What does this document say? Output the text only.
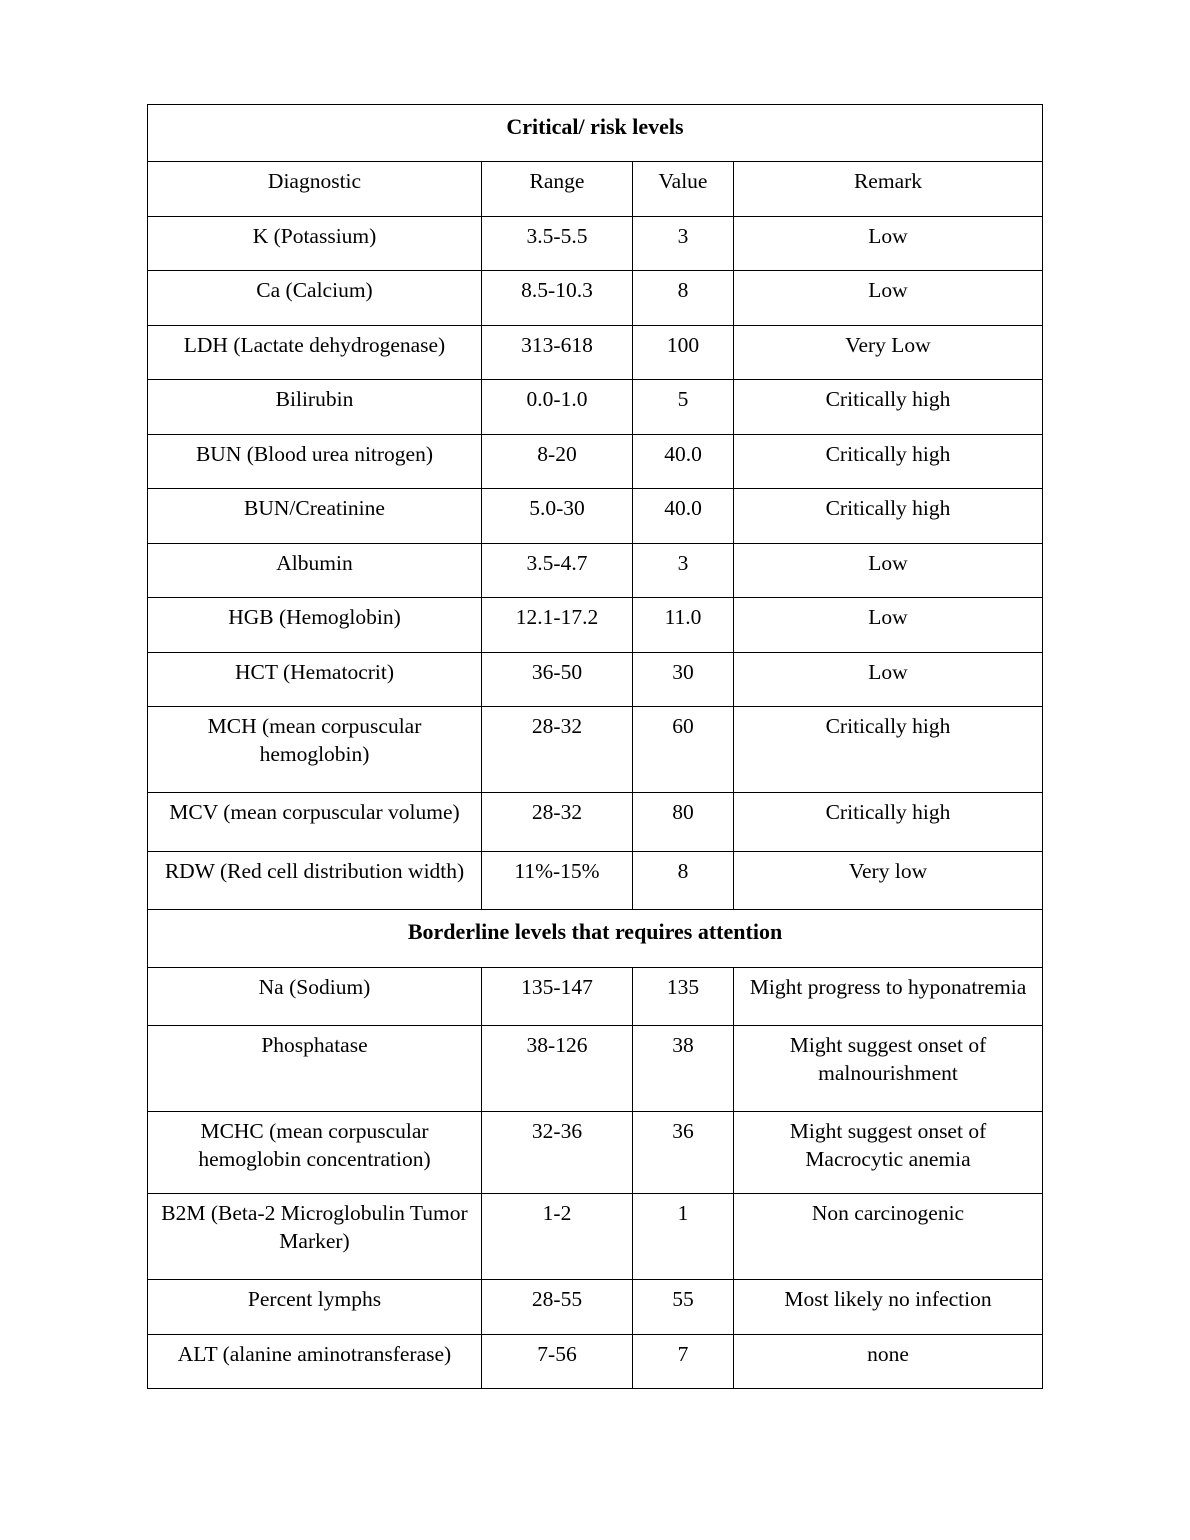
Critical/ risk levels			
Diagnostic	Range	Value	Remark
K (Potassium)	3.5-5.5	3	Low
Ca (Calcium)	8.5-10.3	8	Low
LDH (Lactate dehydrogenase)	313-618	100	Very Low
Bilirubin	0.0-1.0	5	Critically high
BUN (Blood urea nitrogen)	8-20	40.0	Critically high
BUN/Creatinine	5.0-30	40.0	Critically high
Albumin	3.5-4.7	3	Low
HGB (Hemoglobin)	12.1-17.2	11.0	Low
HCT (Hematocrit)	36-50	30	Low
MCH (mean corpuscular hemoglobin)	28-32	60	Critically high
MCV (mean corpuscular volume)	28-32	80	Critically high
RDW (Red cell distribution width)	11%-15%	8	Very low
Borderline levels that requires attention			
Na (Sodium)	135-147	135	Might progress to hyponatremia
Phosphatase	38-126	38	Might suggest onset of malnourishment
MCHC (mean corpuscular hemoglobin concentration)	32-36	36	Might suggest onset of Macrocytic anemia
B2M (Beta-2 Microglobulin Tumor Marker)	1-2	1	Non carcinogenic
Percent lymphs	28-55	55	Most likely no infection
ALT (alanine aminotransferase)	7-56	7	none
